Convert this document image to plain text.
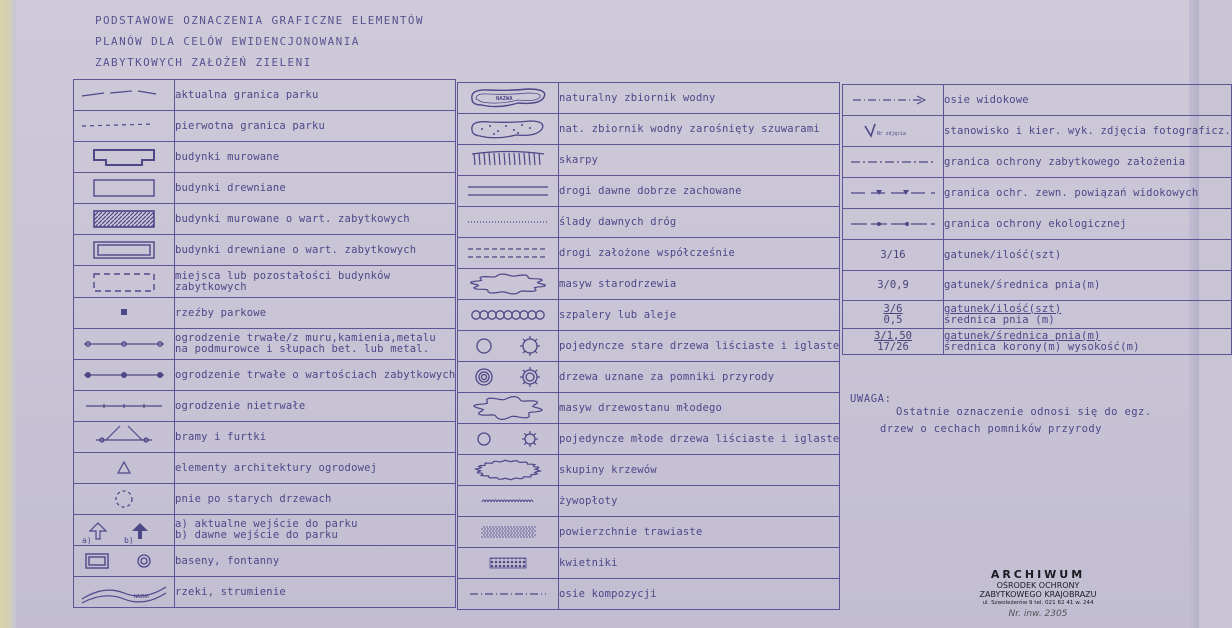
PODSTAWOWE OZNACZENIA GRAFICZNE ELEMENTÓW
PLANÓW DLA CELÓW EWIDENCJONOWANIA
ZABYTKOWYCH ZAŁOŻEŃ ZIELENI

aktualna granica parku

pierwotna granica parku

budynki murowane

budynki drewniane

budynki murowane o wart. zabytkowych

budynki drewniane o wart. zabytkowych

miejsca lub pozostałości budynków
zabytkowych

rzeźby parkowe

ogrodzenie trwałe/z muru,kamienia,metalu
na podmurowce i słupach bet. lub metal.

ogrodzenie trwałe o wartościach zabytkowych

ogrodzenie nietrwałe

bramy i furtki

elementy architektury ogrodowej

pnie po starych drzewach

a) b)	a) aktualne wejście do parku
b) dawne wejście do parku

baseny, fontanny

NAZWA	rzeki, strumienie
NAZWA	naturalny zbiornik wodny

nat. zbiornik wodny zarośnięty szuwarami

skarpy

drogi dawne dobrze zachowane

ślady dawnych dróg

drogi założone współcześnie

masyw starodrzewia

szpalery lub aleje

pojedyncze stare drzewa liściaste i iglaste

drzewa uznane za pomniki przyrody

masyw drzewostanu młodego

pojedyncze młode drzewa liściaste i iglaste

skupiny krzewów

żywopłoty

powierzchnie trawiaste

kwietniki

osie kompozycji

osie widokowe

Nr zdjęcia	stanowisko i kier. wyk. zdjęcia fotograficz.

granica ochrony zabytkowego założenia

granica ochr. zewn. powiązań widokowych

granica ochrony ekologicznej

3/16	gatunek/ilość(szt)

3/0,9	gatunek/średnica pnia(m)

3/6
0,5	gatunek/ilość(szt)
średnica pnia (m)

3/1,50
17/26	gatunek/średnica pnia(m)
średnica korony(m) wysokość(m)
UWAGA:
Ostatnie oznaczenie odnosi się do egz.
drzew o cechach pomników przyrody
ARCHIWUM
OŚRODEK OCHRONY
ZABYTKOWEGO KRAJOBRAZU
ul. Szwoleżerów 9 tel. 021 62 41 w. 244
Nr. inw. 2305
